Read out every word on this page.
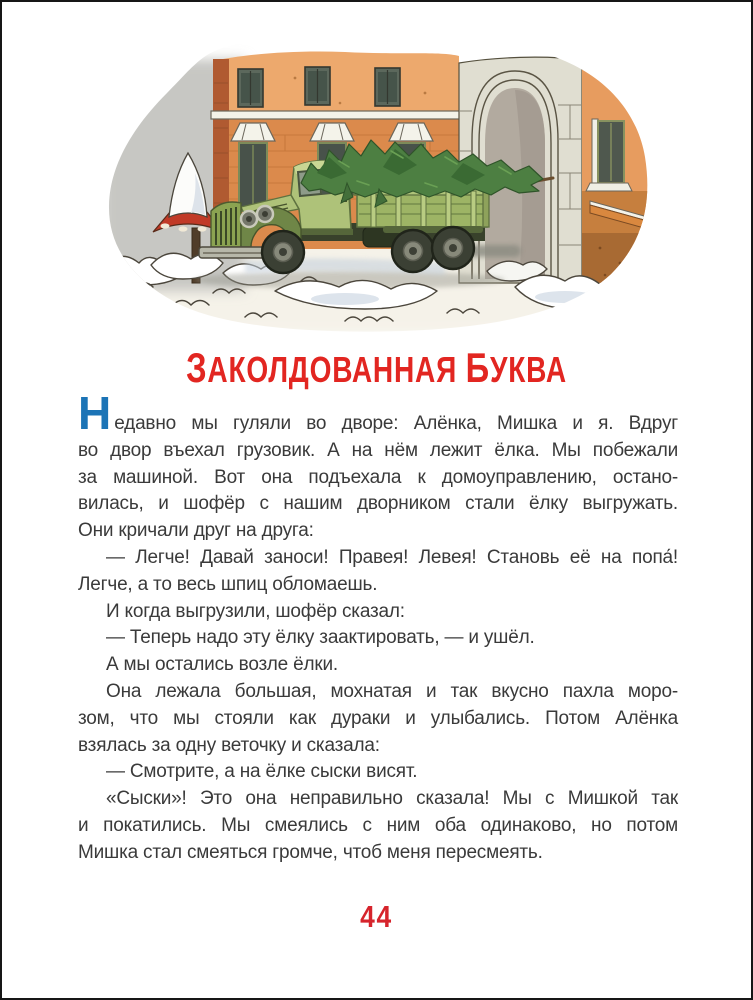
ЗАКОЛДОВАННАЯ БУКВА
Недавно мы гуляли во дворе: Алёнка, Мишка и я. Вдруг
во двор въехал грузовик. А на нём лежит ёлка. Мы побежали
за машиной. Вот она подъехала к домоуправлению, остано-
вилась, и шофёр с нашим дворником стали ёлку выгружать.
Они кричали друг на друга:
— Легче! Давай заноси! Правея! Левея! Становь её на попа́!
Легче, а то весь шпиц обломаешь.
И когда выгрузили, шофёр сказал:
— Теперь надо эту ёлку заактировать, — и ушёл.
А мы остались возле ёлки.
Она лежала большая, мохнатая и так вкусно пахла моро-
зом, что мы стояли как дураки и улыбались. Потом Алёнка
взялась за одну веточку и сказала:
— Смотрите, а на ёлке сыски висят.
«Сыски»! Это она неправильно сказала! Мы с Мишкой так
и покатились. Мы смеялись с ним оба одинаково, но потом
Мишка стал смеяться громче, чтоб меня пересмеять.
44
